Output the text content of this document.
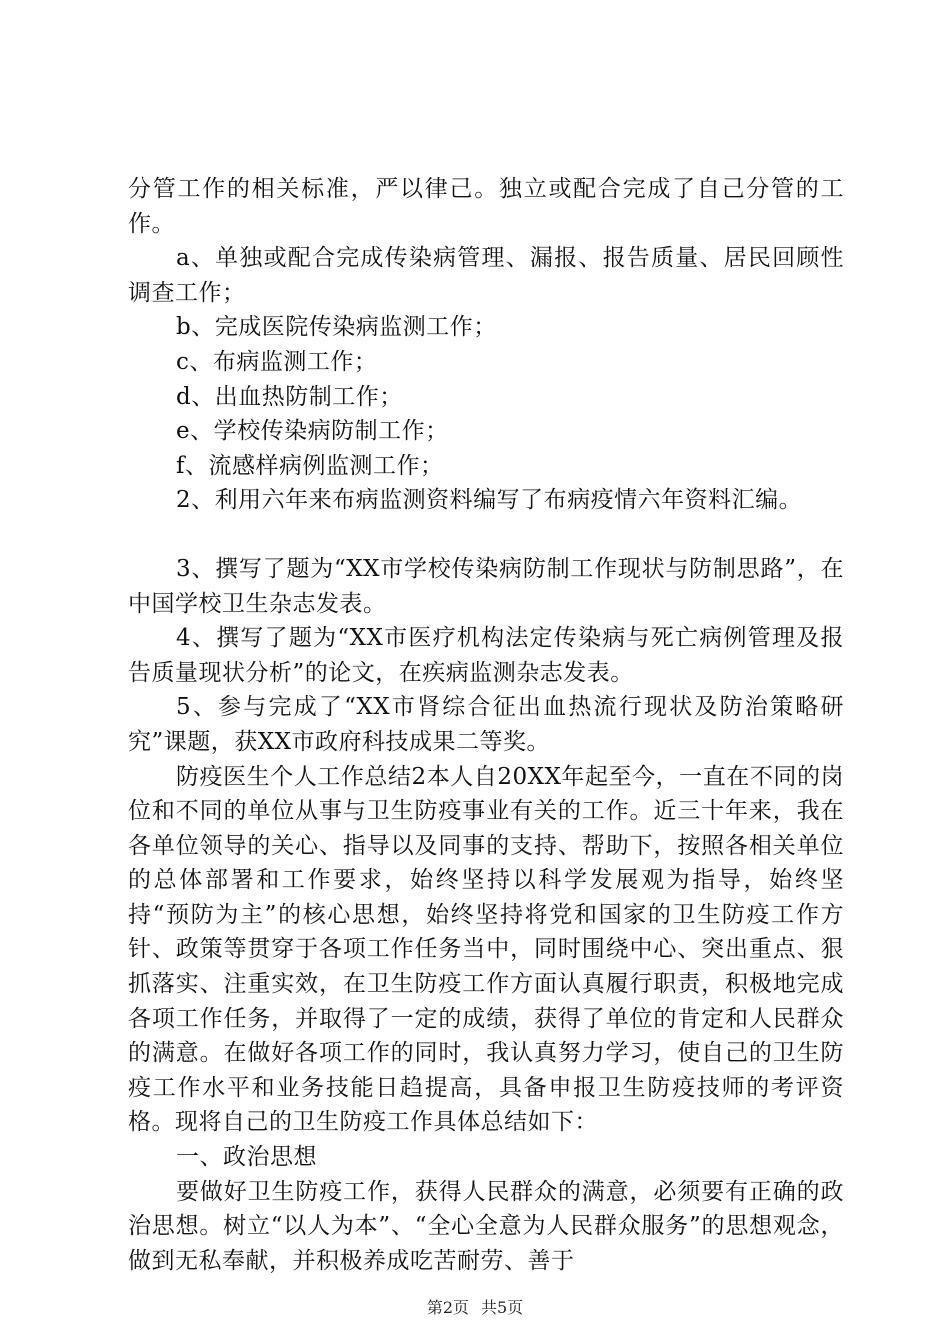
分管工作的相关标准，严以律己。独立或配合完成了自己分管的工作。

a、单独或配合完成传染病管理、漏报、报告质量、居民回顾性调查工作；

b、完成医院传染病监测工作；

c、布病监测工作；

d、出血热防制工作；

e、学校传染病防制工作；

f、流感样病例监测工作；

2、利用六年来布病监测资料编写了布病疫情六年资料汇编。

3、撰写了题为“XX市学校传染病防制工作现状与防制思路”，在中国学校卫生杂志发表。

4、撰写了题为“XX市医疗机构法定传染病与死亡病例管理及报告质量现状分析”的论文，在疾病监测杂志发表。

5、参与完成了“XX市肾综合征出血热流行现状及防治策略研究”课题，获XX市政府科技成果二等奖。

防疫医生个人工作总结2本人自20XX年起至今，一直在不同的岗位和不同的单位从事与卫生防疫事业有关的工作。近三十年来，我在各单位领导的关心、指导以及同事的支持、帮助下，按照各相关单位的总体部署和工作要求，始终坚持以科学发展观为指导，始终坚持“预防为主”的核心思想，始终坚持将党和国家的卫生防疫工作方针、政策等贯穿于各项工作任务当中，同时围绕中心、突出重点、狠抓落实、注重实效，在卫生防疫工作方面认真履行职责，积极地完成各项工作任务，并取得了一定的成绩，获得了单位的肯定和人民群众的满意。在做好各项工作的同时，我认真努力学习，使自己的卫生防疫工作水平和业务技能日趋提高，具备申报卫生防疫技师的考评资格。现将自己的卫生防疫工作具体总结如下：

一、政治思想

要做好卫生防疫工作，获得人民群众的满意，必须要有正确的政治思想。树立“以人为本”、“全心全意为人民群众服务”的思想观念，做到无私奉献，并积极养成吃苦耐劳、善于

第2页 共5页
